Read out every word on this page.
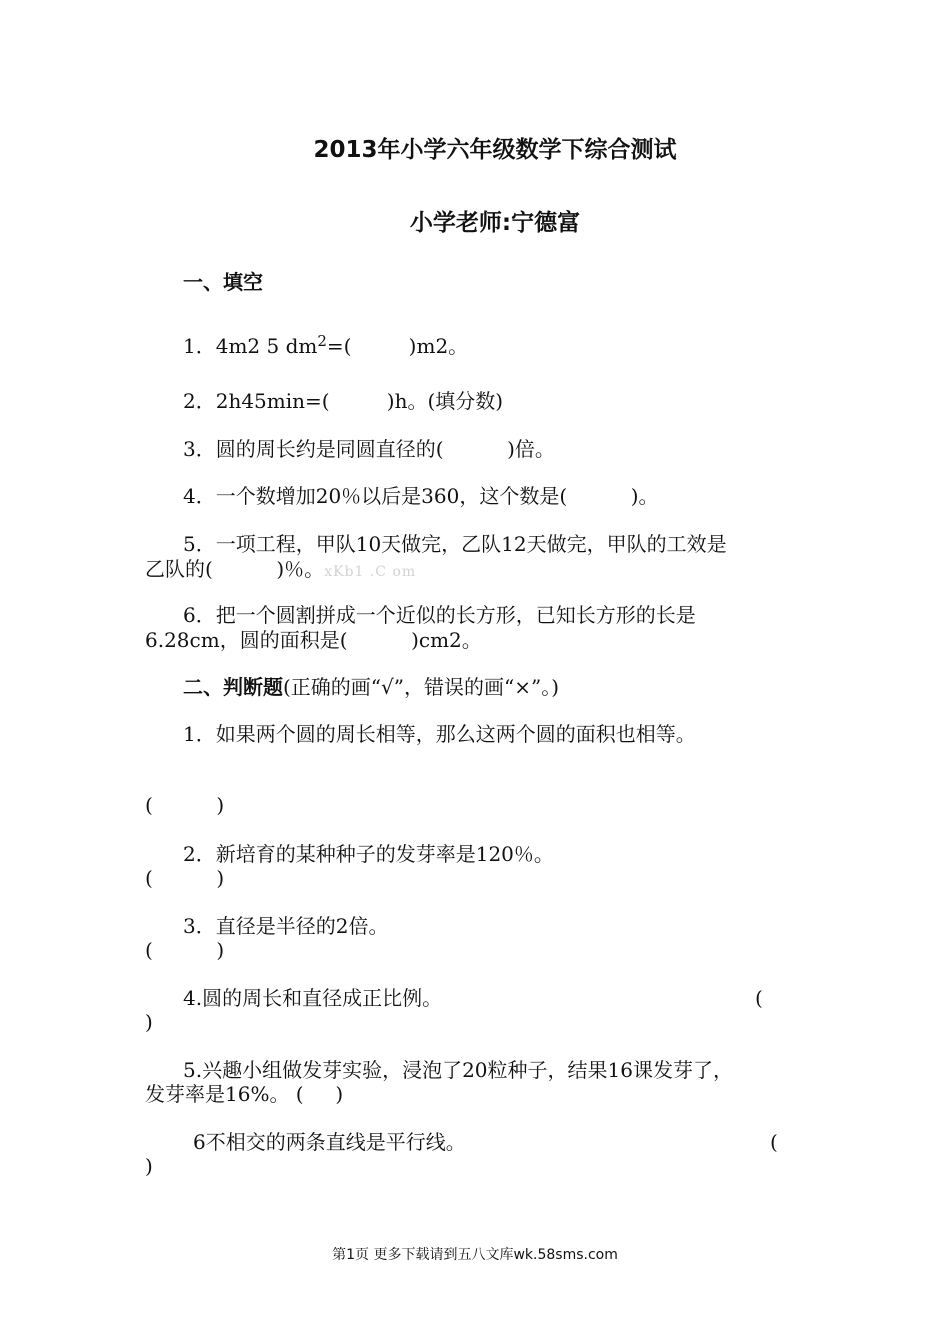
2013年小学六年级数学下综合测试
小学老师:宁德富
一、填空
1．4m2 5 $dm^2=$(         )m2。
2．2h45min=(         )h。(填分数)
3．圆的周长约是同圆直径的(          )倍。
4．一个数增加20％以后是360，这个数是(          )。
5．一项工程，甲队10天做完，乙队12天做完，甲队的工效是
乙队的(          )％。xKb1 .C om
6．把一个圆割拼成一个近似的长方形，已知长方形的长是
6.28cm，圆的面积是(          )cm2。
二、判断题(正确的画“√”，错误的画“×”。)
1．如果两个圆的周长相等，那么这两个圆的面积也相等。
(          )
2．新培育的某种种子的发芽率是120％。
(          )
3．直径是半径的2倍。
(          )
4.圆的周长和直径成正比例。	(
)
5.兴趣小组做发芽实验，浸泡了20粒种子，结果16课发芽了，
发芽率是16%。 (     )
6不相交的两条直线是平行线。	(
)
第1页 更多下载请到五八文库wk.58sms.com
